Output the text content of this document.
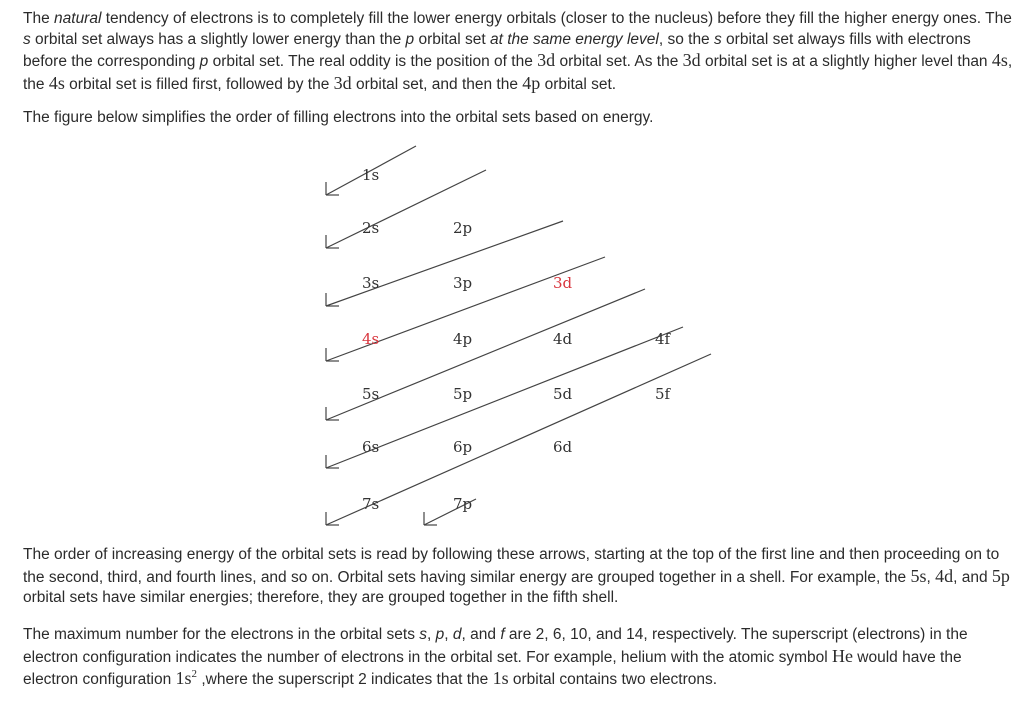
The natural tendency of electrons is to completely fill the lower energy orbitals (closer to the nucleus) before they fill the higher energy ones. The s orbital set always has a slightly lower energy than the p orbital set at the same energy level, so the s orbital set always fills with electrons before the corresponding p orbital set. The real oddity is the position of the 3d orbital set. As the 3d orbital set is at a slightly higher level than 4s, the 4s orbital set is filled first, followed by the 3d orbital set, and then the 4p orbital set.

The figure below simplifies the order of filling electrons into the orbital sets based on energy.

1s
2s	2p
3s	3p	3d
4s	4p	4d	4f
5s	5p	5d	5f
6s	6p	6d
7s	7p

The order of increasing energy of the orbital sets is read by following these arrows, starting at the top of the first line and then proceeding on to the second, third, and fourth lines, and so on. Orbital sets having similar energy are grouped together in a shell. For example, the 5s, 4d, and 5p orbital sets have similar energies; therefore, they are grouped together in the fifth shell.

The maximum number for the electrons in the orbital sets s, p, d, and f are 2, 6, 10, and 14, respectively. The superscript (electrons) in the electron configuration indicates the number of electrons in the orbital set. For example, helium with the atomic symbol He would have the electron configuration $1s^2$ ,where the superscript 2 indicates that the 1s orbital contains two electrons.
